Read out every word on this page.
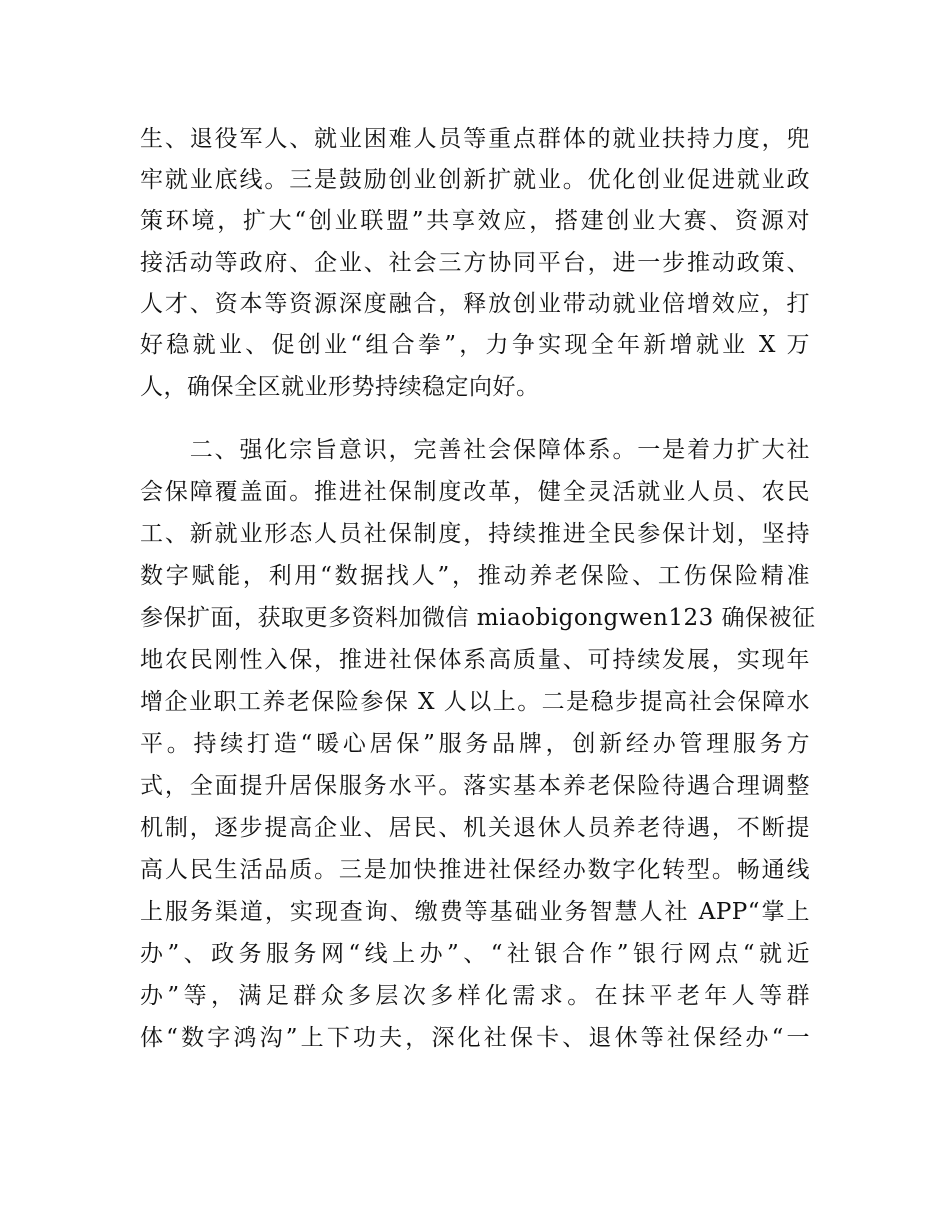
生、退役军人、就业困难人员等重点群体的就业扶持力度，兜
牢就业底线。三是鼓励创业创新扩就业。优化创业促进就业政
策环境，扩大“创业联盟”共享效应，搭建创业大赛、资源对
接活动等政府、企业、社会三方协同平台，进一步推动政策、
人才、资本等资源深度融合，释放创业带动就业倍增效应，打
好稳就业、促创业“组合拳”，力争实现全年新增就业 X 万
人，确保全区就业形势持续稳定向好。
　　二、强化宗旨意识，完善社会保障体系。一是着力扩大社
会保障覆盖面。推进社保制度改革，健全灵活就业人员、农民
工、新就业形态人员社保制度，持续推进全民参保计划，坚持
数字赋能，利用“数据找人”，推动养老保险、工伤保险精准
参保扩面，获取更多资料加微信 miaobigongwen123 确保被征
地农民刚性入保，推进社保体系高质量、可持续发展，实现年
增企业职工养老保险参保 X 人以上。二是稳步提高社会保障水
平。持续打造“暖心居保”服务品牌，创新经办管理服务方
式，全面提升居保服务水平。落实基本养老保险待遇合理调整
机制，逐步提高企业、居民、机关退休人员养老待遇，不断提
高人民生活品质。三是加快推进社保经办数字化转型。畅通线
上服务渠道，实现查询、缴费等基础业务智慧人社 APP“掌上
办”、政务服务网“线上办”、“社银合作”银行网点“就近
办”等，满足群众多层次多样化需求。在抹平老年人等群
体“数字鸿沟”上下功夫，深化社保卡、退休等社保经办“一
